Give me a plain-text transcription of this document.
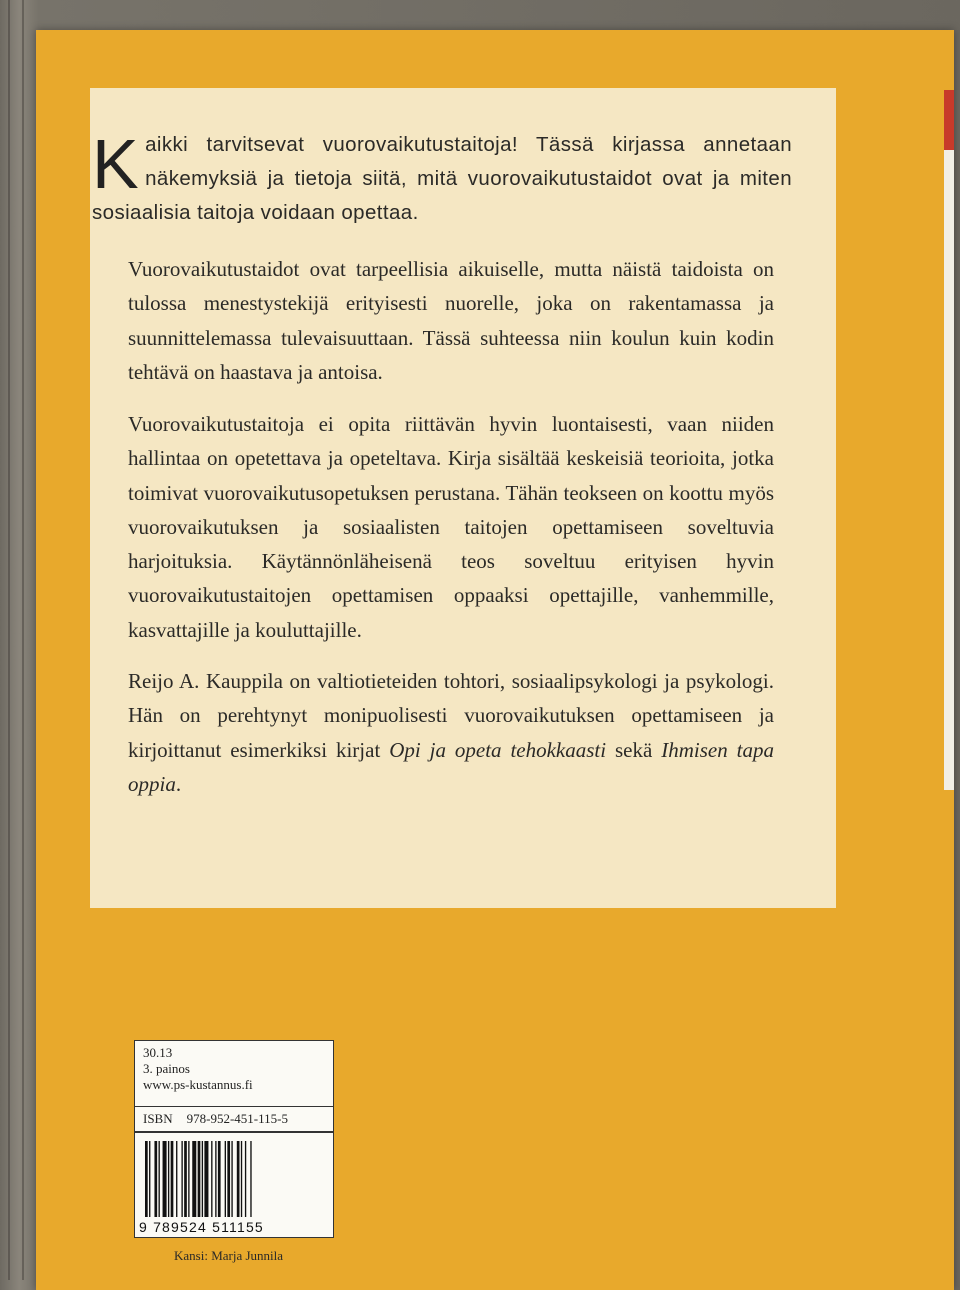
Kaikki tarvitsevat vuorovaikutustaitoja! Tässä kirjassa annetaan näkemyksiä ja tietoja siitä, mitä vuorovaikutustaidot ovat ja miten sosiaalisia taitoja voidaan opettaa.
Vuorovaikutustaidot ovat tarpeellisia aikuiselle, mutta näistä taidoista on tulossa menestystekijä erityisesti nuorelle, joka on rakentamassa ja suunnittelemassa tulevaisuuttaan. Tässä suhteessa niin koulun kuin kodin tehtävä on haastava ja antoisa.
Vuorovaikutustaitoja ei opita riittävän hyvin luontaisesti, vaan niiden hallintaa on opetettava ja opeteltava. Kirja sisältää keskeisiä teorioita, jotka toimivat vuorovaikutusopetuksen perustana. Tähän teokseen on koottu myös vuorovaikutuksen ja sosiaalisten taitojen opettamiseen soveltuvia harjoituksia. Käytännönläheisenä teos soveltuu erityisen hyvin vuorovaikutustaitojen opettamisen oppaaksi opettajille, vanhemmille, kasvattajille ja kouluttajille.
Reijo A. Kauppila on valtiotieteiden tohtori, sosiaalipsykologi ja psykologi. Hän on perehtynyt monipuolisesti vuorovaikutuksen opettamiseen ja kirjoittanut esimerkiksi kirjat Opi ja opeta tehokkaasti sekä Ihmisen tapa oppia.
30.13
3. painos
www.ps-kustannus.fi
ISBN 978-952-451-115-5
9 789524 511155
Kansi: Marja Junnila
